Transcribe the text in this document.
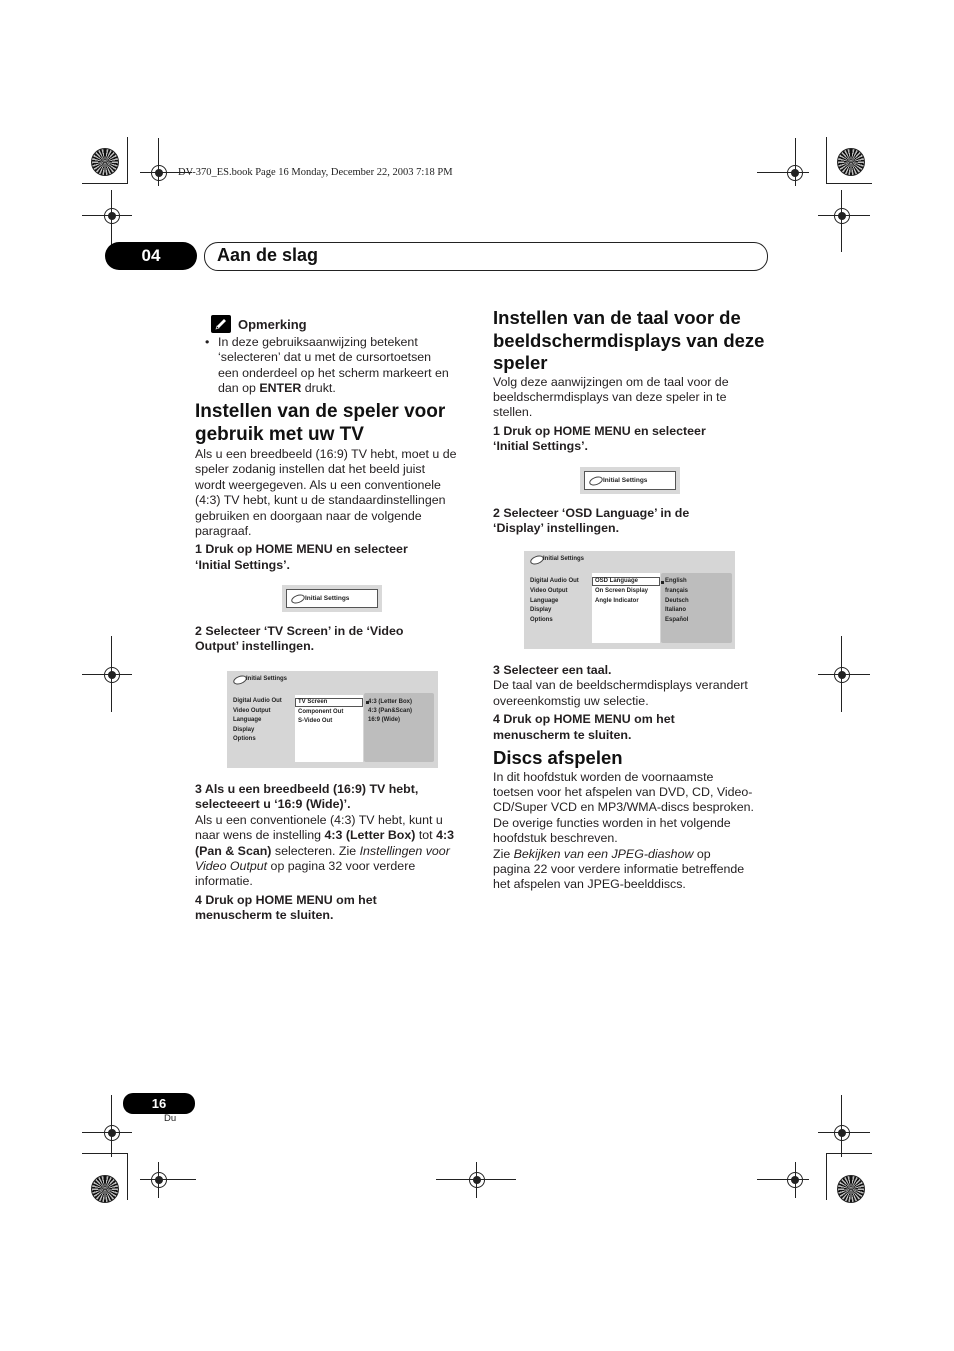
DV-370_ES.book Page 16 Monday, December 22, 2003 7:18 PM
04	Aan de slag

Opmerking

• In deze gebruiksaanwijzing betekent

‘selecteren’ dat u met de cursortoetsen

een onderdeel op het scherm markeert en

dan op ENTER drukt.

Instellen van de speler voor
gebruik met uw TV

Als u een breedbeeld (16:9) TV hebt, moet u de

speler zodanig instellen dat het beeld juist

wordt weergegeven. Als u een conventionele

(4:3) TV hebt, kunt u de standaardinstellingen

gebruiken en doorgaan naar de volgende

paragraaf.

1 Druk op HOME MENU en selecteer

‘Initial Settings’.

Initial Settings

2 Selecteer ‘TV Screen’ in de ‘Video

Output’ instellingen.

Initial Settings
Digital Audio Out
Video Output
Language
Display
Options
TV Screen
Component Out
S-Video Out
4:3 (Letter Box)
4:3 (Pan&Scan)
16:9 (Wide)

3 Als u een breedbeeld (16:9) TV hebt,

selecteeert u ‘16:9 (Wide)’.

Als u een conventionele (4:3) TV hebt, kunt u

naar wens de instelling 4:3 (Letter Box) tot 4:3

(Pan & Scan) selecteren. Zie Instellingen voor

Video Output op pagina 32 voor verdere

informatie.

4 Druk op HOME MENU om het

menuscherm te sluiten.

Instellen van de taal voor de
beeldschermdisplays van deze
speler

Volg deze aanwijzingen om de taal voor de

beeldschermdisplays van deze speler in te

stellen.

1 Druk op HOME MENU en selecteer

‘Initial Settings’.

Initial Settings

2 Selecteer ‘OSD Language’ in de

‘Display’ instellingen.

Initial Settings
Digital Audio Out
Video Output
Language
Display
Options
OSD Language
On Screen Display
Angle Indicator
English
français
Deutsch
Italiano
Español

3 Selecteer een taal.

De taal van de beeldschermdisplays verandert

overeenkomstig uw selectie.

4 Druk op HOME MENU om het

menuscherm te sluiten.

Discs afspelen

In dit hoofdstuk worden de voornaamste

toetsen voor het afspelen van DVD, CD, Video-

CD/Super VCD en MP3/WMA-discs besproken.

De overige functies worden in het volgende

hoofdstuk beschreven.

Zie Bekijken van een JPEG-diashow op

pagina 22 voor verdere informatie betreffende

het afspelen van JPEG-beelddiscs.

16
Du
